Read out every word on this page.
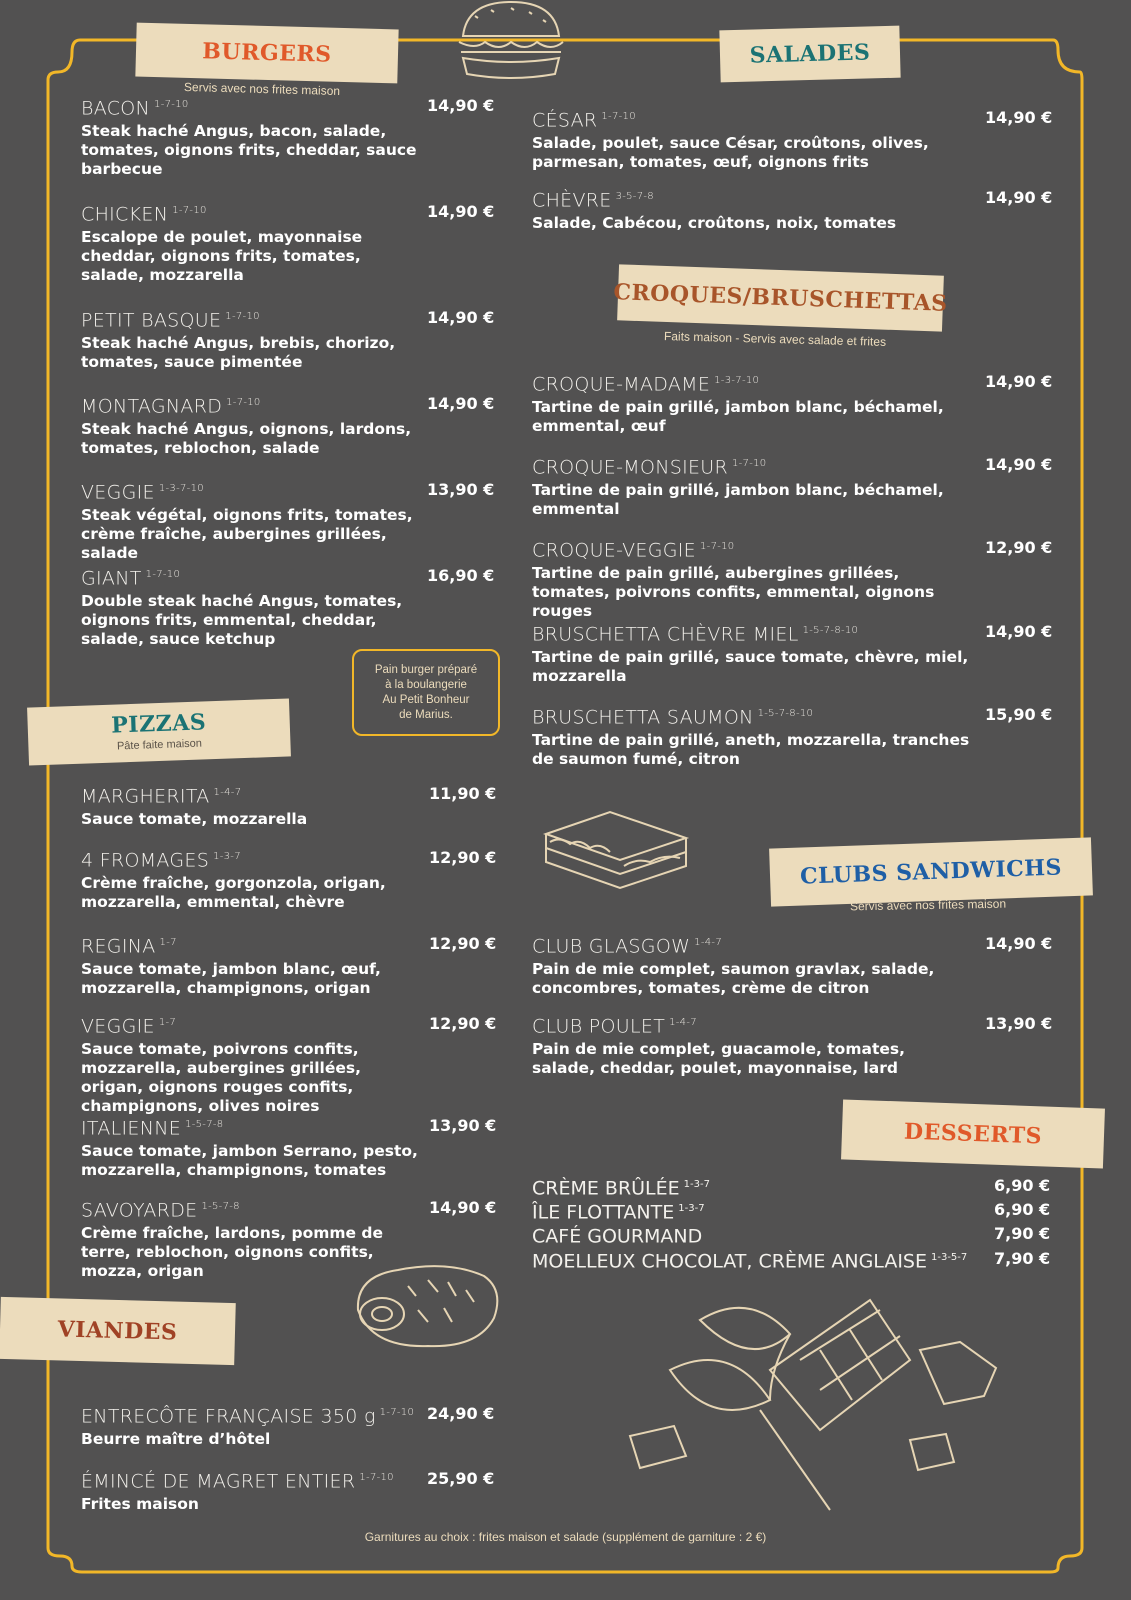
BURGERS
Servis avec nos frites maison
SALADES
CROQUES/BRUSCHETTAS
Faits maison - Servis avec salade et frites
PIZZAS
Pâte faite maison
CLUBS SANDWICHS
Servis avec nos frites maison
DESSERTS
VIANDES
Pain burger préparé
à la boulangerie
Au Petit Bonheur
de Marius.
BACON $^{1-7-10}$
Steak haché Angus, bacon, salade, tomates, oignons frits, cheddar, sauce barbecue
14,90 €
CHICKEN $^{1-7-10}$
Escalope de poulet, mayonnaise cheddar, oignons frits, tomates, salade, mozzarella
14,90 €
PETIT BASQUE $^{1-7-10}$
Steak haché Angus, brebis, chorizo, tomates, sauce pimentée
14,90 €
MONTAGNARD $^{1-7-10}$
Steak haché Angus, oignons, lardons, tomates, reblochon, salade
14,90 €
VEGGIE $^{1-3-7-10}$
Steak végétal, oignons frits, tomates, crème fraîche, aubergines grillées, salade
13,90 €
GIANT $^{1-7-10}$
Double steak haché Angus, tomates, oignons frits, emmental, cheddar, salade, sauce ketchup
16,90 €
MARGHERITA $^{1-4-7}$
Sauce tomate, mozzarella
11,90 €
4 FROMAGES $^{1-3-7}$
Crème fraîche, gorgonzola, origan, mozzarella, emmental, chèvre
12,90 €
REGINA $^{1-7}$
Sauce tomate, jambon blanc, œuf, mozzarella, champignons, origan
12,90 €
VEGGIE $^{1-7}$
Sauce tomate, poivrons confits, mozzarella, aubergines grillées, origan, oignons rouges confits, champignons, olives noires
12,90 €
ITALIENNE $^{1-5-7-8}$
Sauce tomate, jambon Serrano, pesto, mozzarella, champignons, tomates
13,90 €
SAVOYARDE $^{1-5-7-8}$
Crème fraîche, lardons, pomme de terre, reblochon, oignons confits, mozza, origan
14,90 €
ENTRECÔTE FRANÇAISE 350 g $^{1-7-10}$
Beurre maître d’hôtel
24,90 €
ÉMINCÉ DE MAGRET ENTIER $^{1-7-10}$
Frites maison
25,90 €
CÉSAR $^{1-7-10}$
Salade, poulet, sauce César, croûtons, olives, parmesan, tomates, œuf, oignons frits
14,90 €
CHÈVRE $^{3-5-7-8}$
Salade, Cabécou, croûtons, noix, tomates
14,90 €
CROQUE-MADAME $^{1-3-7-10}$
Tartine de pain grillé, jambon blanc, béchamel, emmental, œuf
14,90 €
CROQUE-MONSIEUR $^{1-7-10}$
Tartine de pain grillé, jambon blanc, béchamel, emmental
14,90 €
CROQUE-VEGGIE $^{1-7-10}$
Tartine de pain grillé, aubergines grillées, tomates, poivrons confits, emmental, oignons rouges
12,90 €
BRUSCHETTA CHÈVRE MIEL $^{1-5-7-8-10}$
Tartine de pain grillé, sauce tomate, chèvre, miel, mozzarella
14,90 €
BRUSCHETTA SAUMON $^{1-5-7-8-10}$
Tartine de pain grillé, aneth, mozzarella, tranches de saumon fumé, citron
15,90 €
CLUB GLASGOW $^{1-4-7}$
Pain de mie complet, saumon gravlax, salade, concombres, tomates, crème de citron
14,90 €
CLUB POULET $^{1-4-7}$
Pain de mie complet, guacamole, tomates, salade, cheddar, poulet, mayonnaise, lard
13,90 €
CRÈME BRÛLÉE $^{1-3-7}$	6,90 €
ÎLE FLOTTANTE $^{1-3-7}$	6,90 €
CAFÉ GOURMAND	7,90 €
MOELLEUX CHOCOLAT, CRÈME ANGLAISE $^{1-3-5-7}$ 7,90 €
Garnitures au choix : frites maison et salade (supplément de garniture : 2 €)
